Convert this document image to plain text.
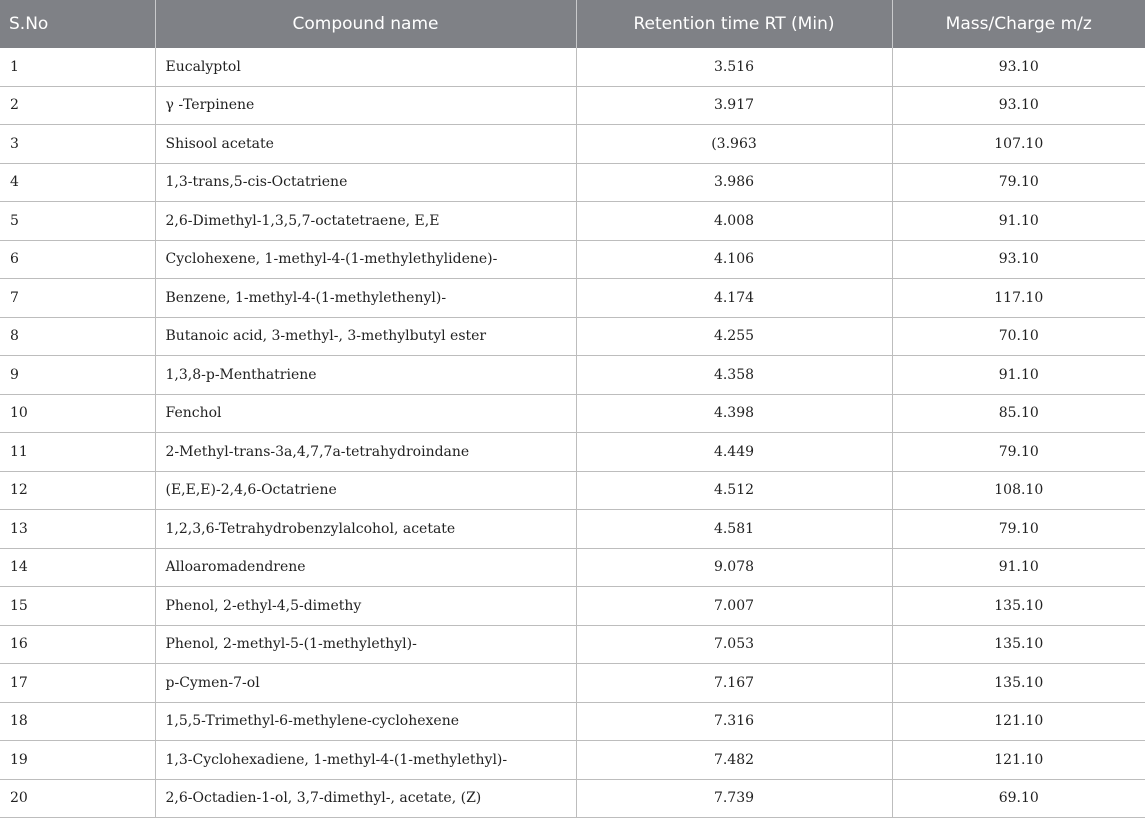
S.No	Compound name	Retention time RT (Min)	Mass/Charge m/z
1	Eucalyptol	3.516	93.10
2	γ -Terpinene	3.917	93.10
3	Shisool acetate	(3.963	107.10
4	1,3-trans,5-cis-Octatriene	3.986	79.10
5	2,6-Dimethyl-1,3,5,7-octatetraene, E,E	4.008	91.10
6	Cyclohexene, 1-methyl-4-(1-methylethylidene)-	4.106	93.10
7	Benzene, 1-methyl-4-(1-methylethenyl)-	4.174	117.10
8	Butanoic acid, 3-methyl-, 3-methylbutyl ester	4.255	70.10
9	1,3,8-p-Menthatriene	4.358	91.10
10	Fenchol	4.398	85.10
11	2-Methyl-trans-3a,4,7,7a-tetrahydroindane	4.449	79.10
12	(E,E,E)-2,4,6-Octatriene	4.512	108.10
13	1,2,3,6-Tetrahydrobenzylalcohol, acetate	4.581	79.10
14	Alloaromadendrene	9.078	91.10
15	Phenol, 2-ethyl-4,5-dimethy	7.007	135.10
16	Phenol, 2-methyl-5-(1-methylethyl)-	7.053	135.10
17	p-Cymen-7-ol	7.167	135.10
18	1,5,5-Trimethyl-6-methylene-cyclohexene	7.316	121.10
19	1,3-Cyclohexadiene, 1-methyl-4-(1-methylethyl)-	7.482	121.10
20	2,6-Octadien-1-ol, 3,7-dimethyl-, acetate, (Z)	7.739	69.10
